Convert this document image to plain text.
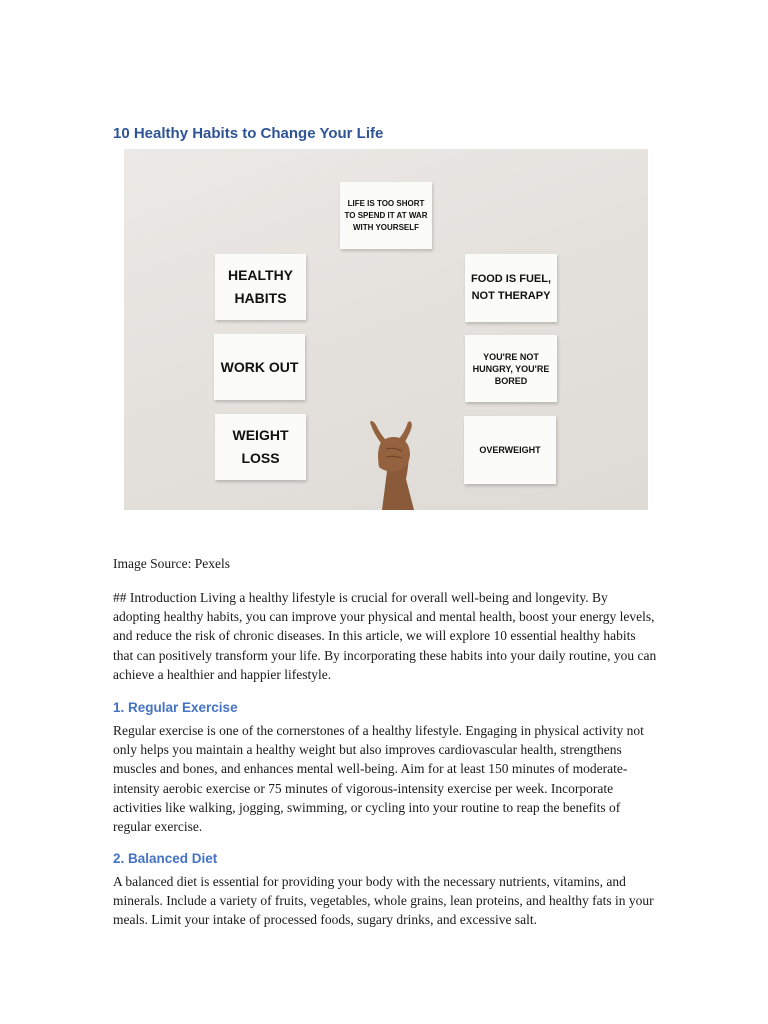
10 Healthy Habits to Change Your Life
LIFE IS TOO SHORT TO SPEND IT AT WAR WITH YOURSELF
HEALTHY HABITS
WORK OUT
WEIGHT LOSS
FOOD IS FUEL, NOT THERAPY
YOU'RE NOT HUNGRY, YOU'RE BORED
OVERWEIGHT

Image Source: Pexels

## Introduction Living a healthy lifestyle is crucial for overall well-being and longevity. By adopting healthy habits, you can improve your physical and mental health, boost your energy levels, and reduce the risk of chronic diseases. In this article, we will explore 10 essential healthy habits that can positively transform your life. By incorporating these habits into your daily routine, you can achieve a healthier and happier lifestyle.

1. Regular Exercise

Regular exercise is one of the cornerstones of a healthy lifestyle. Engaging in physical activity not only helps you maintain a healthy weight but also improves cardiovascular health, strengthens muscles and bones, and enhances mental well-being. Aim for at least 150 minutes of moderate-intensity aerobic exercise or 75 minutes of vigorous-intensity exercise per week. Incorporate activities like walking, jogging, swimming, or cycling into your routine to reap the benefits of regular exercise.

2. Balanced Diet

A balanced diet is essential for providing your body with the necessary nutrients, vitamins, and minerals. Include a variety of fruits, vegetables, whole grains, lean proteins, and healthy fats in your meals. Limit your intake of processed foods, sugary drinks, and excessive salt.
